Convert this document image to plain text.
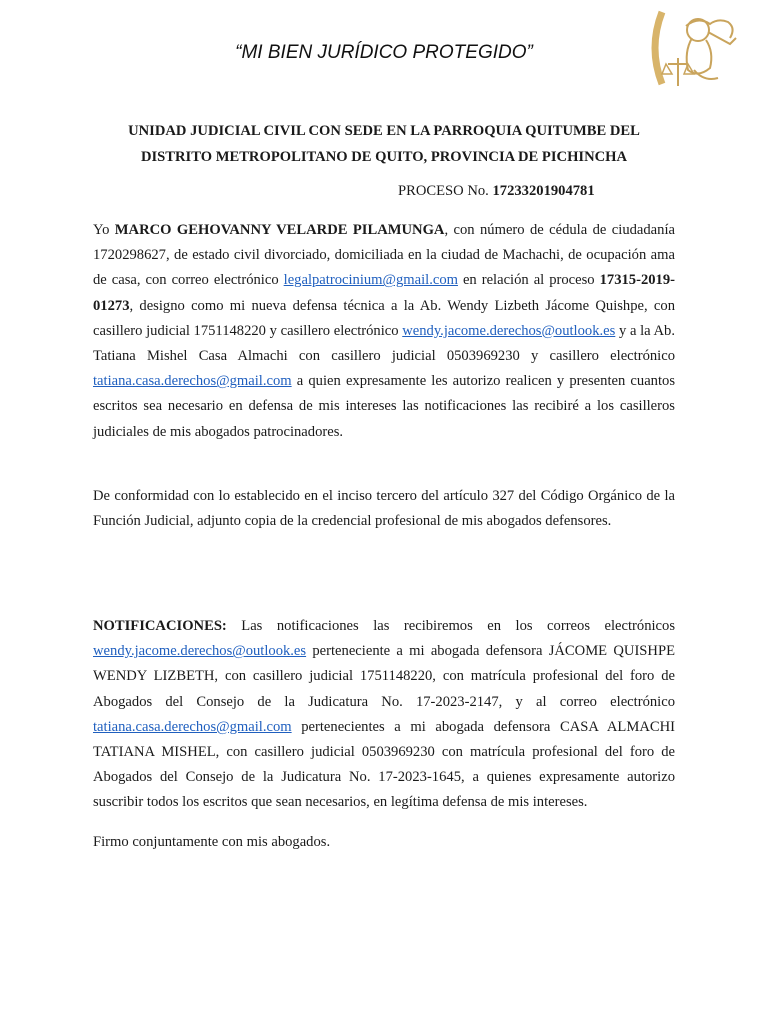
“MI BIEN JURÍDICO PROTEGIDO”
UNIDAD JUDICIAL CIVIL CON SEDE EN LA PARROQUIA QUITUMBE DEL
DISTRITO METROPOLITANO DE QUITO, PROVINCIA DE PICHINCHA
PROCESO No. 17233201904781

Yo MARCO GEHOVANNY VELARDE PILAMUNGA, con número de cédula de ciudadanía 1720298627, de estado civil divorciado, domiciliada en la ciudad de Machachi, de ocupación ama de casa, con correo electrónico legalpatrocinium@gmail.com en relación al proceso 17315-2019-01273, designo como mi nueva defensa técnica a la Ab. Wendy Lizbeth Jácome Quishpe, con casillero judicial 1751148220 y casillero electrónico wendy.jacome.derechos@outlook.es y a la Ab. Tatiana Mishel Casa Almachi con casillero judicial 0503969230 y casillero electrónico tatiana.casa.derechos@gmail.com a quien expresamente les autorizo realicen y presenten cuantos escritos sea necesario en defensa de mis intereses las notificaciones las recibiré a los casilleros judiciales de mis abogados patrocinadores.

De conformidad con lo establecido en el inciso tercero del artículo 327 del Código Orgánico de la Función Judicial, adjunto copia de la credencial profesional de mis abogados defensores.

NOTIFICACIONES: Las notificaciones las recibiremos en los correos electrónicos wendy.jacome.derechos@outlook.es perteneciente a mi abogada defensora JÁCOME QUISHPE WENDY LIZBETH, con casillero judicial 1751148220, con matrícula profesional del foro de Abogados del Consejo de la Judicatura No. 17-2023-2147, y al correo electrónico tatiana.casa.derechos@gmail.com pertenecientes a mi abogada defensora CASA ALMACHI TATIANA MISHEL, con casillero judicial 0503969230 con matrícula profesional del foro de Abogados del Consejo de la Judicatura No. 17-2023-1645, a quienes expresamente autorizo suscribir todos los escritos que sean necesarios, en legítima defensa de mis intereses.

Firmo conjuntamente con mis abogados.
